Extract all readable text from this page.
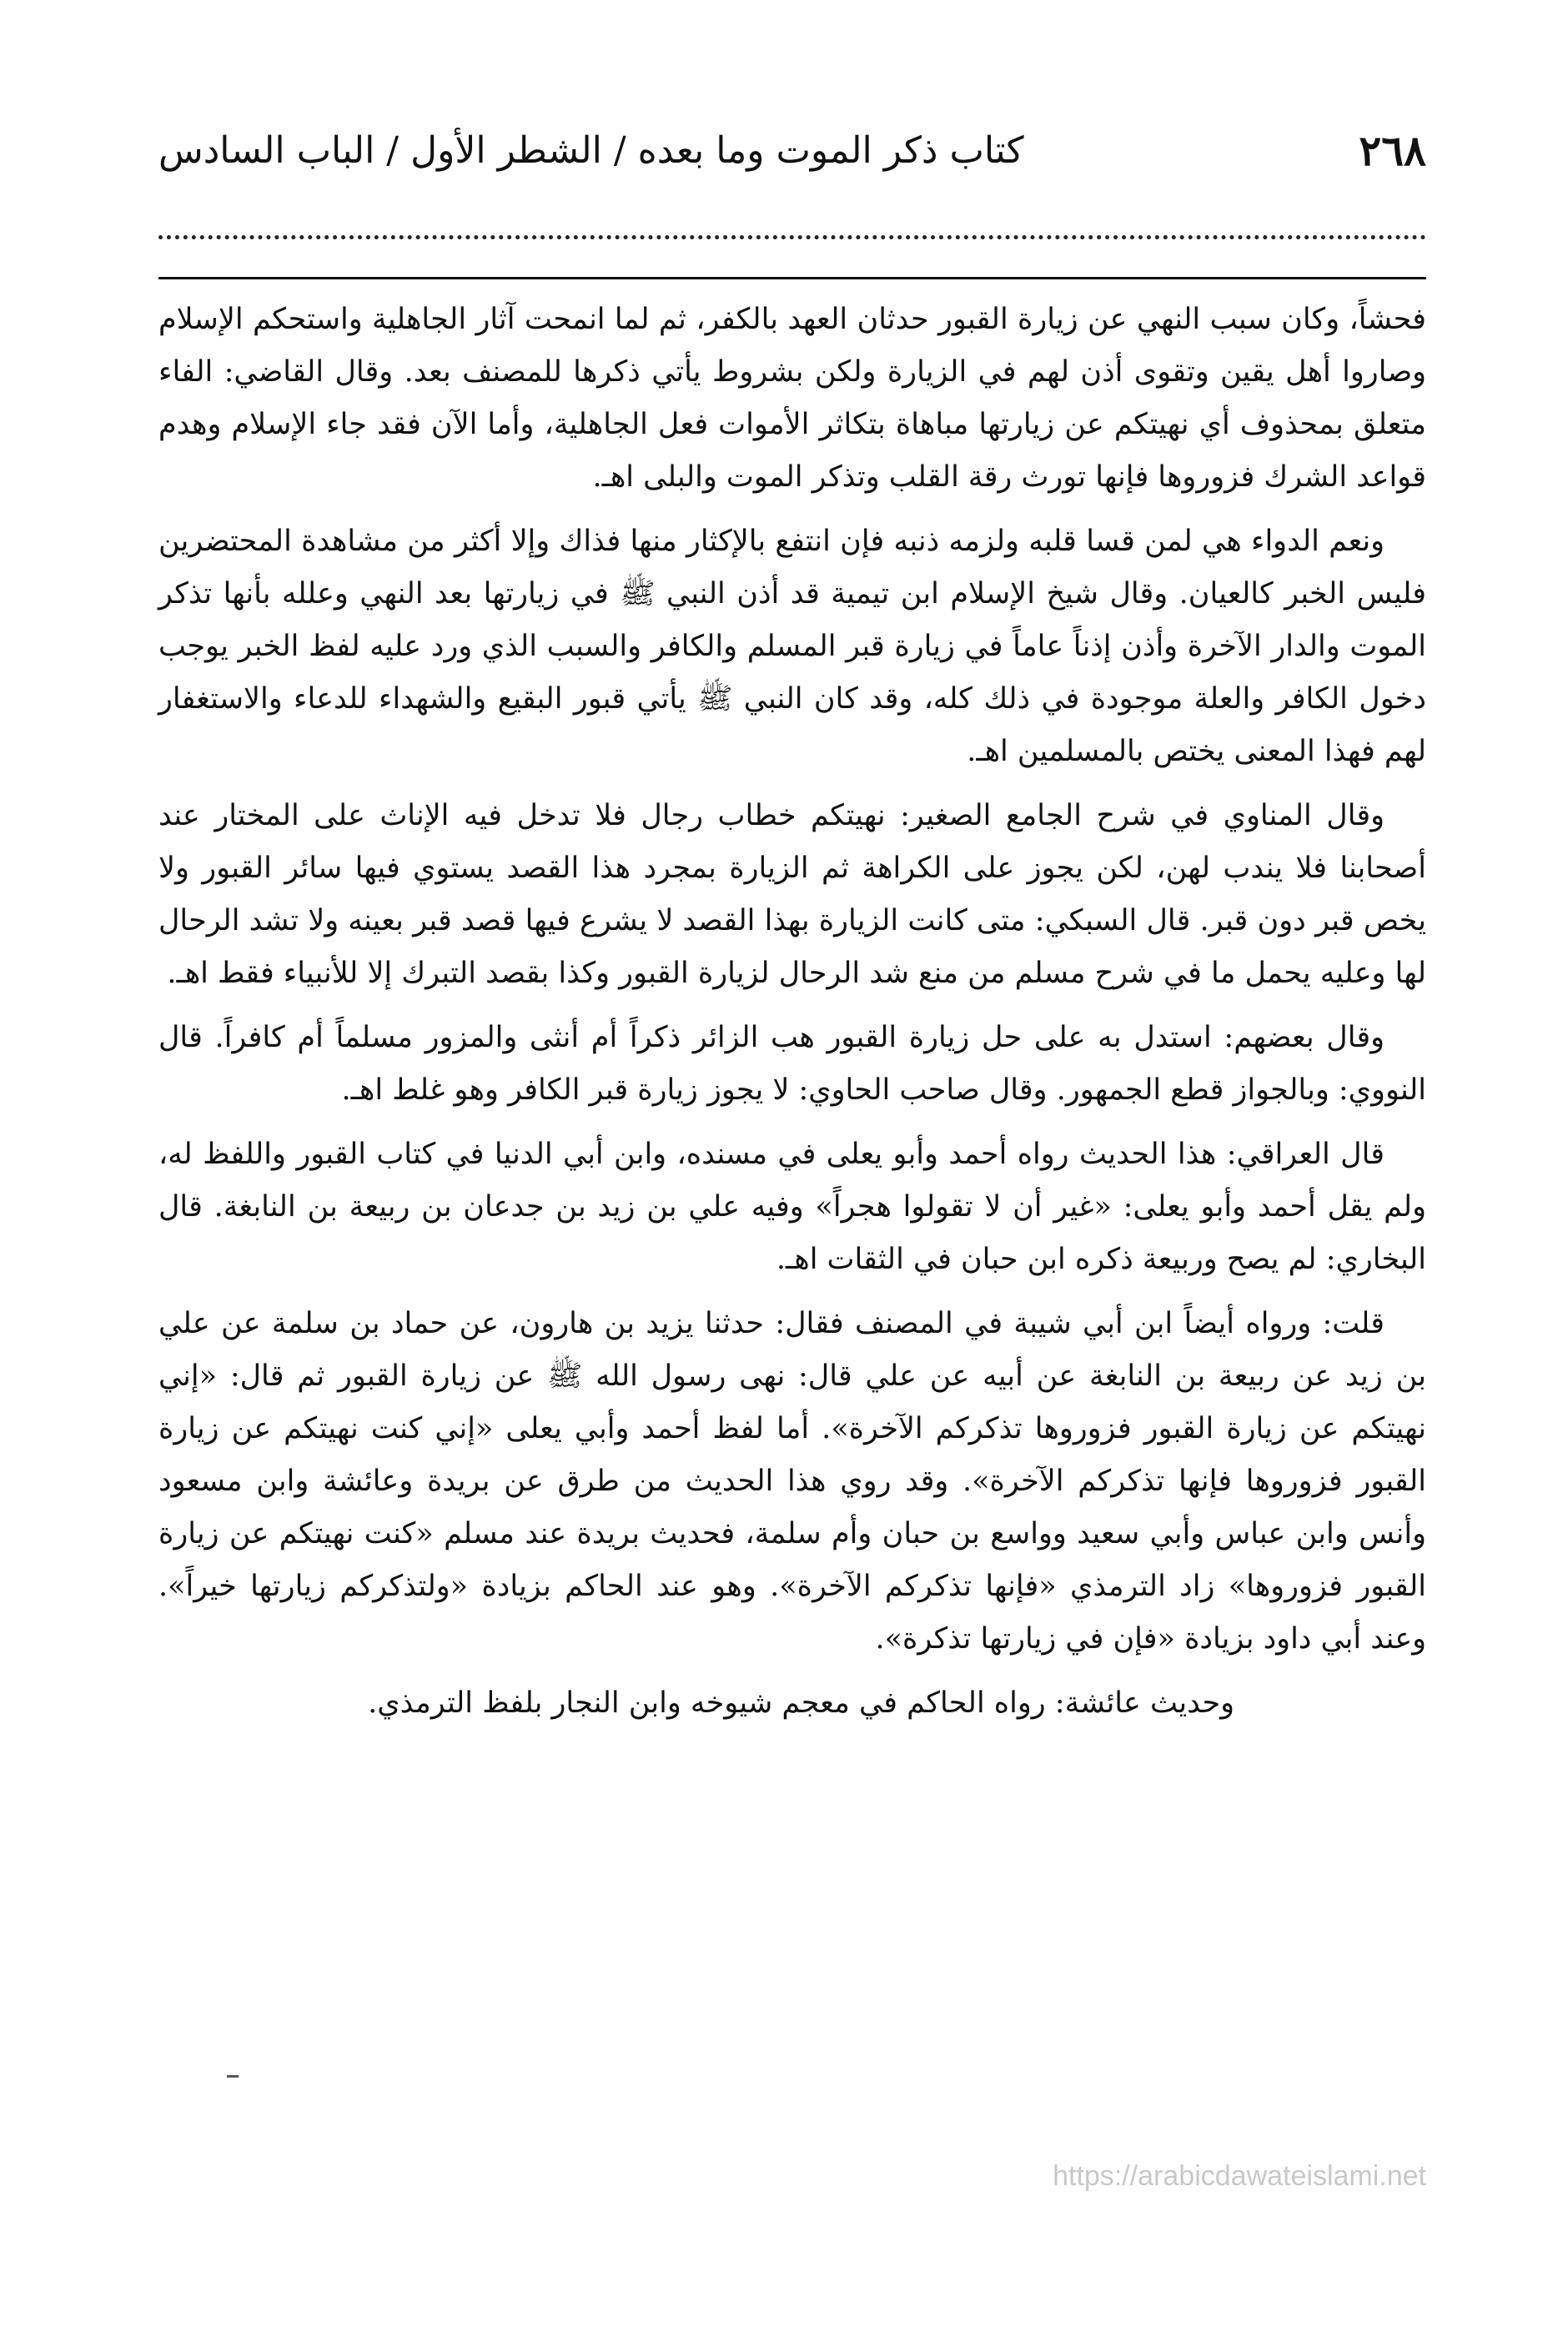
٢٦٨
كتاب ذكر الموت وما بعده / الشطر الأول / الباب السادس

فحشاً، وكان سبب النهي عن زيارة القبور حدثان العهد بالكفر، ثم لما انمحت آثار الجاهلية واستحكم الإسلام وصاروا أهل يقين وتقوى أذن لهم في الزيارة ولكن بشروط يأتي ذكرها للمصنف بعد. وقال القاضي: الفاء متعلق بمحذوف أي نهيتكم عن زيارتها مباهاة بتكاثر الأموات فعل الجاهلية، وأما الآن فقد جاء الإسلام وهدم قواعد الشرك فزوروها فإنها تورث رقة القلب وتذكر الموت والبلى اهـ.

ونعم الدواء هي لمن قسا قلبه ولزمه ذنبه فإن انتفع بالإكثار منها فذاك وإلا أكثر من مشاهدة المحتضرين فليس الخبر كالعيان. وقال شيخ الإسلام ابن تيمية قد أذن النبي ﷺ في زيارتها بعد النهي وعلله بأنها تذكر الموت والدار الآخرة وأذن إذناً عاماً في زيارة قبر المسلم والكافر والسبب الذي ورد عليه لفظ الخبر يوجب دخول الكافر والعلة موجودة في ذلك كله، وقد كان النبي ﷺ يأتي قبور البقيع والشهداء للدعاء والاستغفار لهم فهذا المعنى يختص بالمسلمين اهـ.

وقال المناوي في شرح الجامع الصغير: نهيتكم خطاب رجال فلا تدخل فيه الإناث على المختار عند أصحابنا فلا يندب لهن، لكن يجوز على الكراهة ثم الزيارة بمجرد هذا القصد يستوي فيها سائر القبور ولا يخص قبر دون قبر. قال السبكي: متى كانت الزيارة بهذا القصد لا يشرع فيها قصد قبر بعينه ولا تشد الرحال لها وعليه يحمل ما في شرح مسلم من منع شد الرحال لزيارة القبور وكذا بقصد التبرك إلا للأنبياء فقط اهـ.

وقال بعضهم: استدل به على حل زيارة القبور هب الزائر ذكراً أم أنثى والمزور مسلماً أم كافراً. قال النووي: وبالجواز قطع الجمهور. وقال صاحب الحاوي: لا يجوز زيارة قبر الكافر وهو غلط اهـ.

قال العراقي: هذا الحديث رواه أحمد وأبو يعلى في مسنده، وابن أبي الدنيا في كتاب القبور واللفظ له، ولم يقل أحمد وأبو يعلى: «غير أن لا تقولوا هجراً» وفيه علي بن زيد بن جدعان بن ربيعة بن النابغة. قال البخاري: لم يصح وربيعة ذكره ابن حبان في الثقات اهـ.

قلت: ورواه أيضاً ابن أبي شيبة في المصنف فقال: حدثنا يزيد بن هارون، عن حماد بن سلمة عن علي بن زيد عن ربيعة بن النابغة عن أبيه عن علي قال: نهى رسول الله ﷺ عن زيارة القبور ثم قال: «إني نهيتكم عن زيارة القبور فزوروها تذكركم الآخرة». أما لفظ أحمد وأبي يعلى «إني كنت نهيتكم عن زيارة القبور فزوروها فإنها تذكركم الآخرة». وقد روي هذا الحديث من طرق عن بريدة وعائشة وابن مسعود وأنس وابن عباس وأبي سعيد وواسع بن حبان وأم سلمة، فحديث بريدة عند مسلم «كنت نهيتكم عن زيارة القبور فزوروها» زاد الترمذي «فإنها تذكركم الآخرة». وهو عند الحاكم بزيادة «ولتذكركم زيارتها خيراً». وعند أبي داود بزيادة «فإن في زيارتها تذكرة».

وحديث عائشة: رواه الحاكم في معجم شيوخه وابن النجار بلفظ الترمذي.

https://arabicdawateislami.net
